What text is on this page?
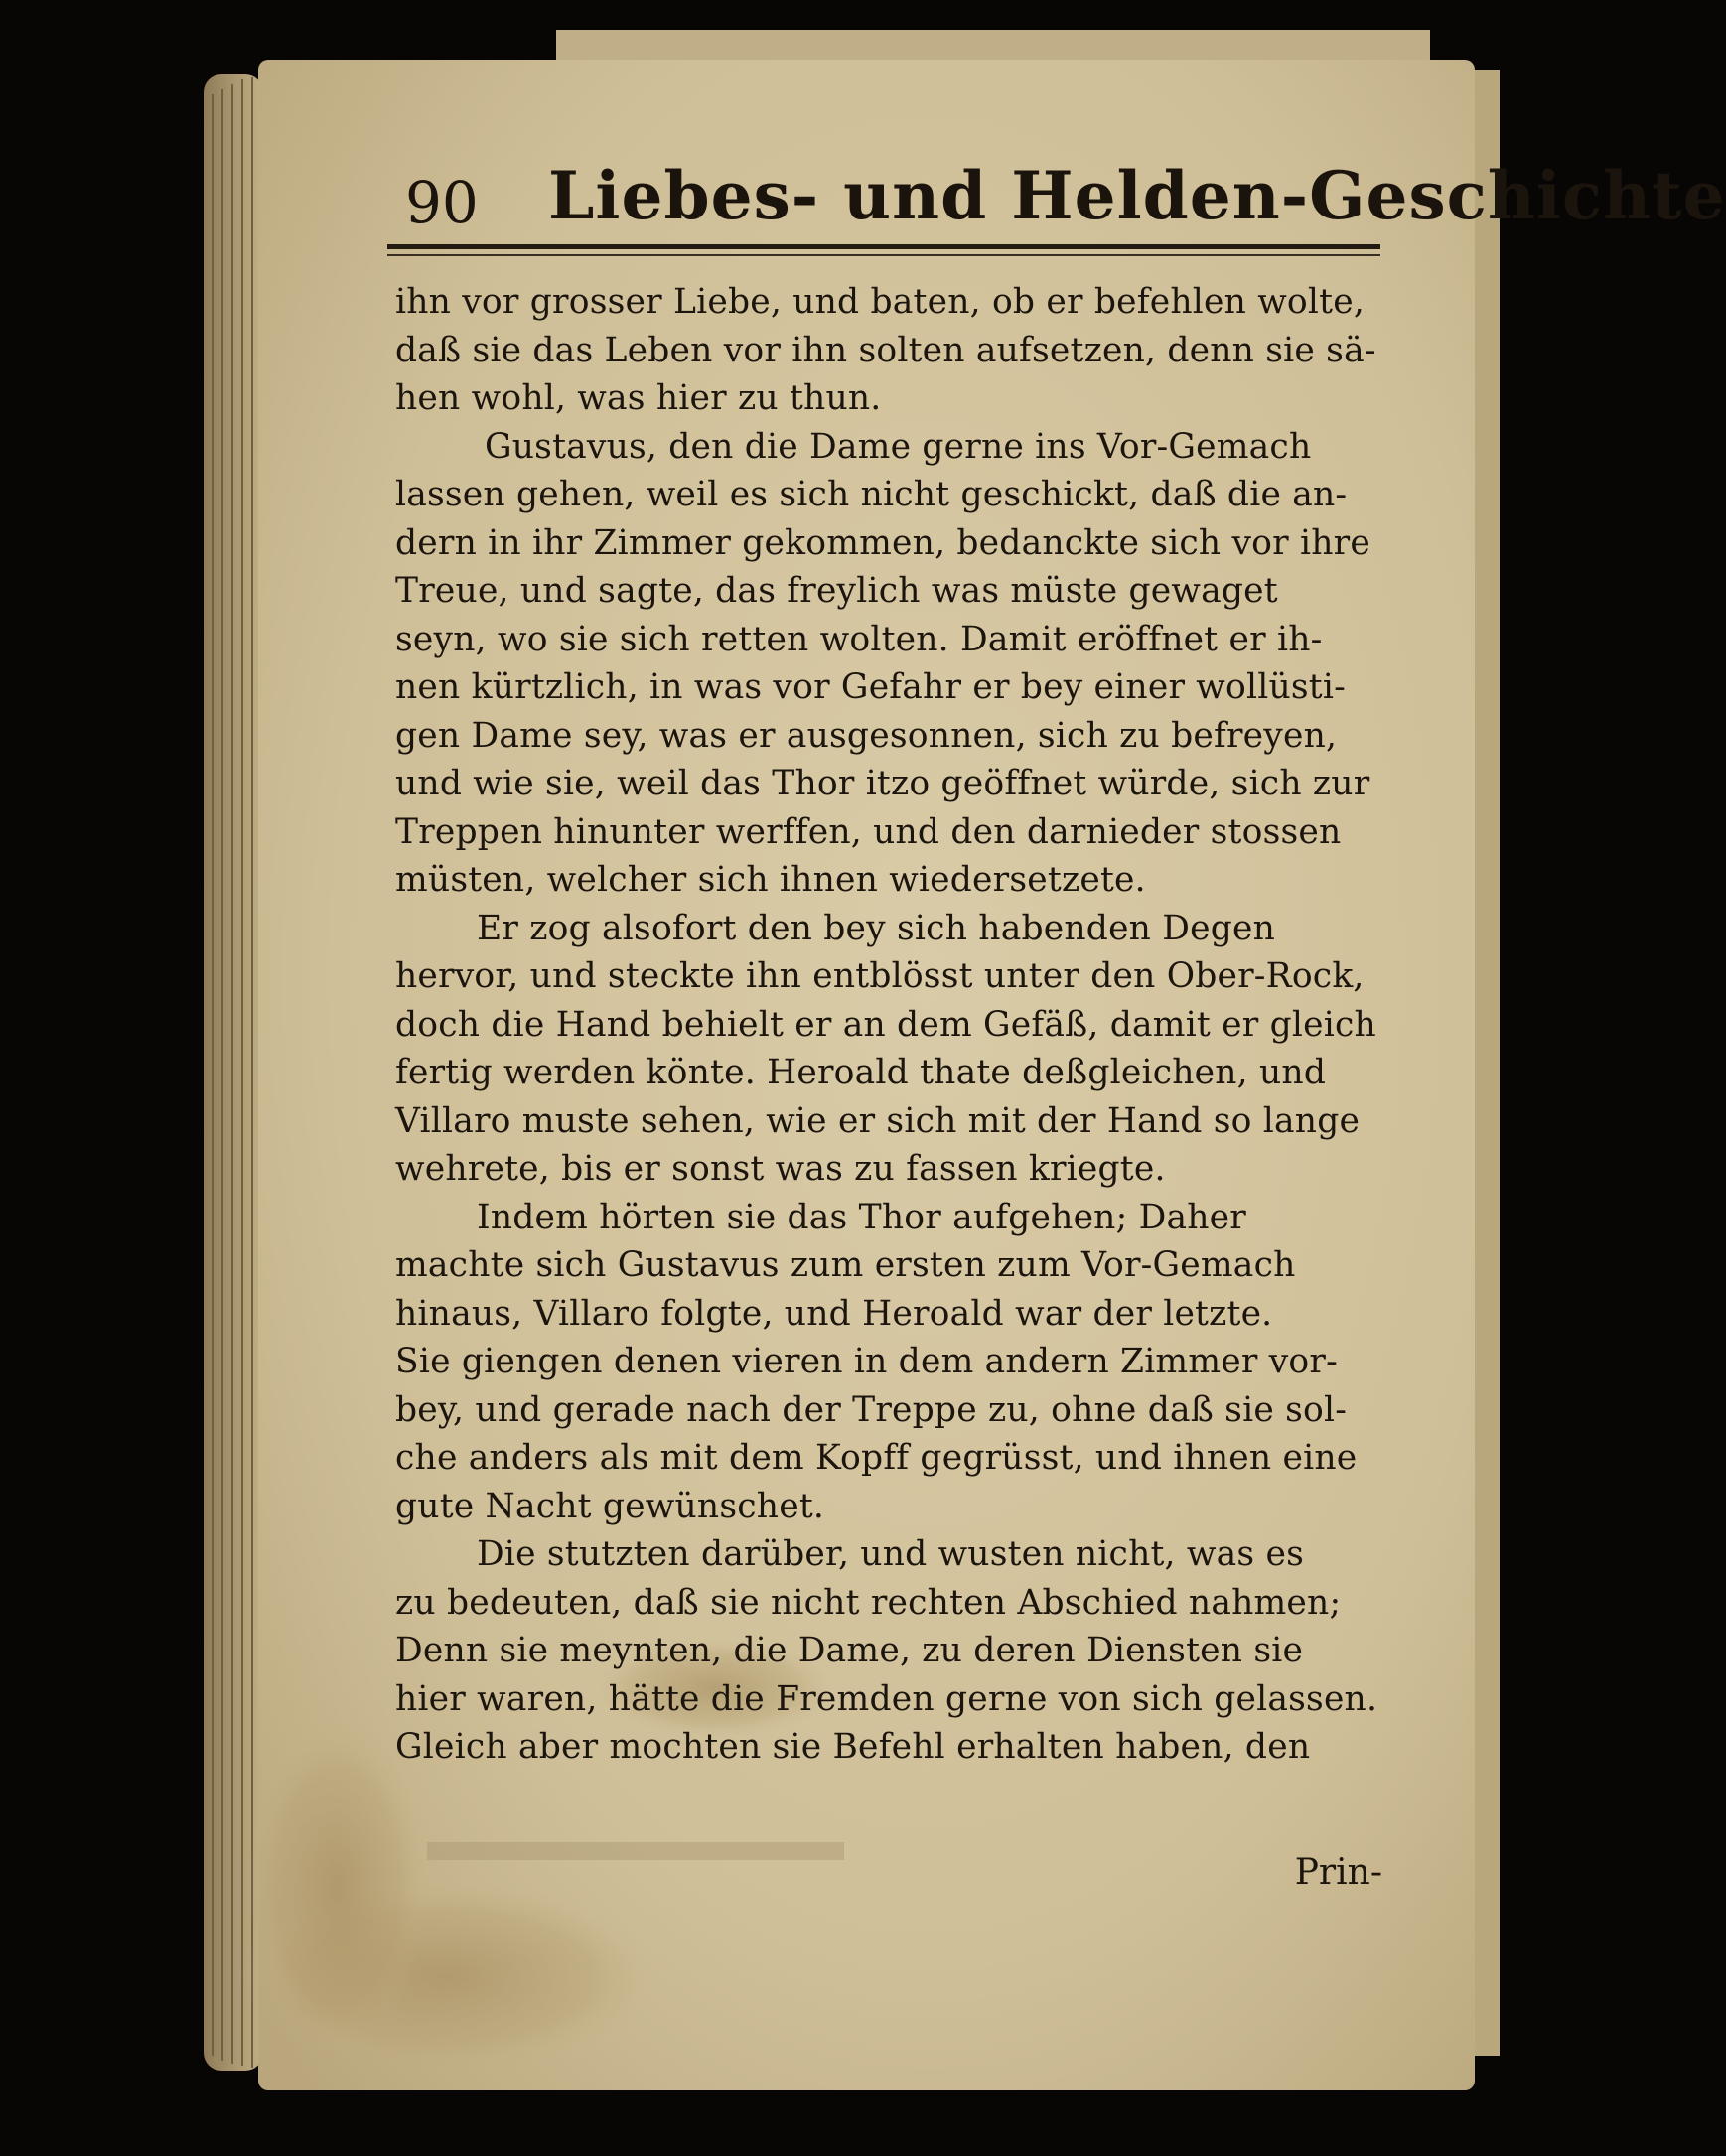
90 Liebes- und Helden-Geschichte
ihn vor grosser Liebe, und baten, ob er befehlen wolte,
daß sie das Leben vor ihn solten aufsetzen, denn sie sä-
hen wohl, was hier zu thun.
Gustavus, den die Dame gerne ins Vor-Gemach
lassen gehen, weil es sich nicht geschickt, daß die an-
dern in ihr Zimmer gekommen, bedanckte sich vor ihre
Treue, und sagte, das freylich was müste gewaget
seyn, wo sie sich retten wolten. Damit eröffnet er ih-
nen kürtzlich, in was vor Gefahr er bey einer wollüsti-
gen Dame sey, was er ausgesonnen, sich zu befreyen,
und wie sie, weil das Thor itzo geöffnet würde, sich zur
Treppen hinunter werffen, und den darnieder stossen
müsten, welcher sich ihnen wiedersetzete.
Er zog alsofort den bey sich habenden Degen
hervor, und steckte ihn entblösst unter den Ober-Rock,
doch die Hand behielt er an dem Gefäß, damit er gleich
fertig werden könte. Heroald thate deßgleichen, und
Villaro muste sehen, wie er sich mit der Hand so lange
wehrete, bis er sonst was zu fassen kriegte.
Indem hörten sie das Thor aufgehen; Daher
machte sich Gustavus zum ersten zum Vor-Gemach
hinaus, Villaro folgte, und Heroald war der letzte.
Sie giengen denen vieren in dem andern Zimmer vor-
bey, und gerade nach der Treppe zu, ohne daß sie sol-
che anders als mit dem Kopff gegrüsst, und ihnen eine
gute Nacht gewünschet.
Die stutzten darüber, und wusten nicht, was es
zu bedeuten, daß sie nicht rechten Abschied nahmen;
Denn sie meynten, die Dame, zu deren Diensten sie
hier waren, hätte die Fremden gerne von sich gelassen.
Gleich aber mochten sie Befehl erhalten haben, den
Prin-
